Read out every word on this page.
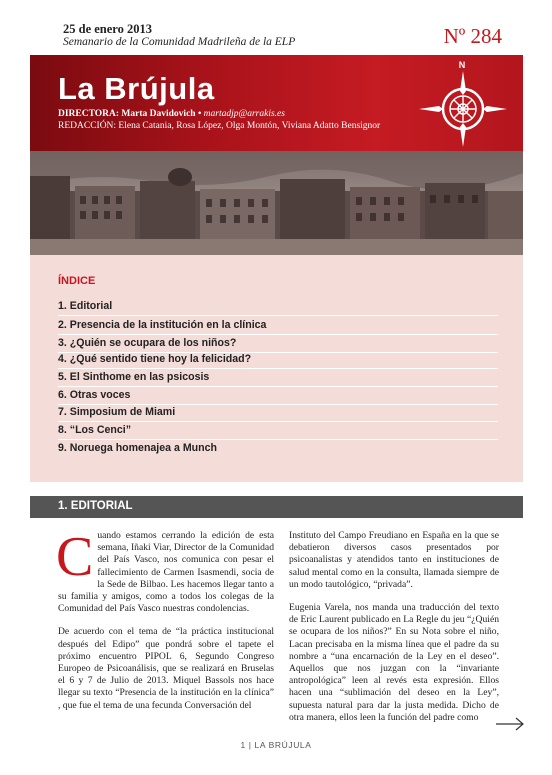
25 de enero 2013
Semanario de la Comunidad Madrileña de la ELP	Nº 284
La Brújula
DIRECTORA: Marta Davidovich • martadjp@arrakis.es
REDACCIÓN: Elena Catania, Rosa López, Olga Montón, Viviana Adatto Bensignor
N
ÍNDICE
1. Editorial
2. Presencia de la institución en la clínica
3. ¿Quién se ocupara de los niños?
4. ¿Qué sentido tiene hoy la felicidad?
5. El Sinthome en las psicosis
6. Otras voces
7. Simposium de Miami
8. “Los Cenci”
9. Noruega homenajea a Munch
1. EDITORIAL

Cuando estamos cerrando la edición de esta semana, Iñaki Viar, Director de la Comunidad del País Vasco, nos comunica con pesar el fallecimiento de Carmen Isasmendi, socia de la Sede de Bilbao. Les hacemos llegar tanto a su familia y amigos, como a todos los colegas de la Comunidad del País Vasco nuestras condolencias.

De acuerdo con el tema de “la práctica institucional después del Edipo” que pondrá sobre el tapete el próximo encuentro PIPOL 6, Segundo Congreso Europeo de Psicoanálisis, que se realizará en Bruselas el 6 y 7 de Julio de 2013. Miquel Bassols nos hace llegar su texto “Presencia de la institución en la clínica” , que fue el tema de una fecunda Conversación del

Instituto del Campo Freudiano en España en la que se debatieron diversos casos presentados por psicoanalistas y atendidos tanto en instituciones de salud mental como en la consulta, llamada siempre de un modo tautológico, “privada”.

Eugenia Varela, nos manda una traducción del texto de Eric Laurent publicado en La Regle du jeu “¿Quién se ocupara de los niños?” En su Nota sobre el niño, Lacan precisaba en la misma línea que el padre da su nombre a “una encarnación de la Ley en el deseo”. Aquellos que nos juzgan con la “invariante antropológica” leen al revés esta expresión. Ellos hacen una “sublimación del deseo en la Ley”, supuesta natural para dar la justa medida. Dicho de otra manera, ellos leen la función del padre como

1 | LA BRÚJULA
